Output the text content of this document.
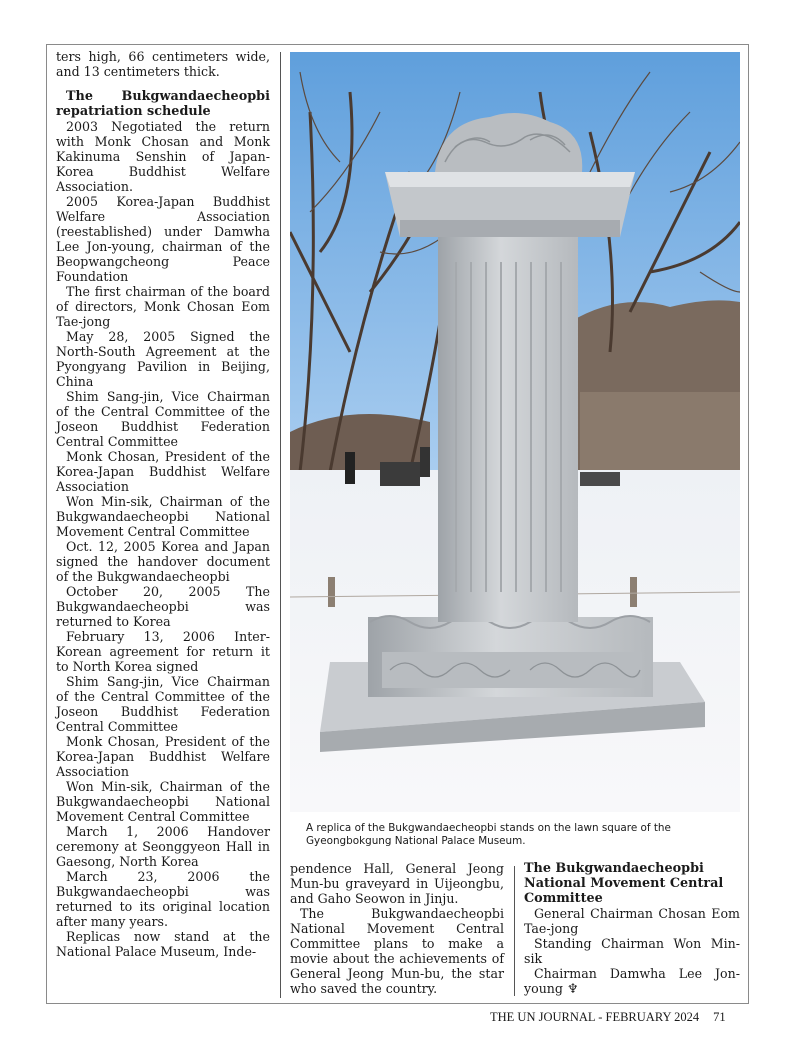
ters high, 66 centimeters wide, and 13 centimeters thick.

The Bukgwandaecheopbi repatriation schedule

2003 Negotiated the return with Monk Chosan and Monk Kakinuma Senshin of Japan-Korea Buddhist Welfare Association.

2005 Korea-Japan Buddhist Welfare Association (reestablished) under Damwha Lee Jon-young, chairman of the Beopwangcheong Peace Foundation

The first chairman of the board of directors, Monk Chosan Eom Tae-jong

May 28, 2005 Signed the North-South Agreement at the Pyongyang Pavilion in Beijing, China

Shim Sang-jin, Vice Chairman of the Central Committee of the Joseon Buddhist Federation Central Committee

Monk Chosan, President of the Korea-Japan Buddhist Welfare Association

Won Min-sik, Chairman of the Bukgwandaecheopbi National Movement Central Committee

Oct. 12, 2005 Korea and Japan signed the handover document of the Bukgwandaecheopbi

October 20, 2005 The Bukgwandaecheopbi was returned to Korea

February 13, 2006 Inter-Korean agreement for return it to North Korea signed

Shim Sang-jin, Vice Chairman of the Central Committee of the Joseon Buddhist Federation Central Committee

Monk Chosan, President of the Korea-Japan Buddhist Welfare Association

Won Min-sik, Chairman of the Bukgwandaecheopbi National Movement Central Committee

March 1, 2006 Handover ceremony at Seonggyeon Hall in Gaesong, North Korea

March 23, 2006 the Bukgwandaecheopbi was returned to its original location after many years.

Replicas now stand at the National Palace Museum, Inde-

A replica of the Bukgwandaecheopbi stands on the lawn square of the Gyeongbokgung National Palace Museum.

pendence Hall, General Jeong Mun-bu graveyard in Uijeongbu, and Gaho Seowon in Jinju.

The Bukgwandaecheopbi National Movement Central Committee plans to make a movie about the achievements of General Jeong Mun-bu, the star who saved the country.

The Bukgwandaecheopbi National Movement Central Committee

General Chairman Chosan Eom Tae-jong

Standing Chairman Won Min-sik

Chairman Damwha Lee Jon-young ♆

THE UN JOURNAL - FEBRUARY 2024 71
